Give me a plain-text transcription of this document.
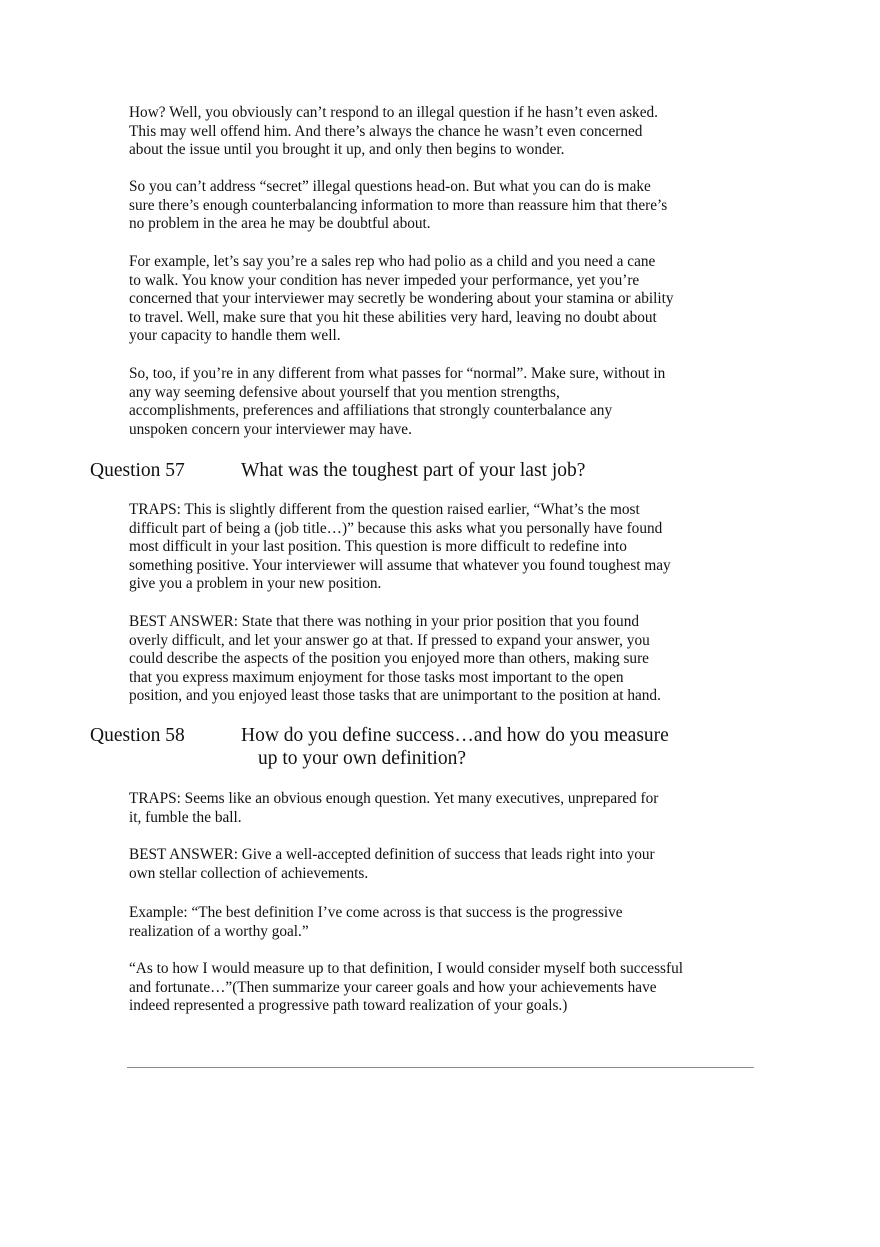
How? Well, you obviously can’t respond to an illegal question if he hasn’t even asked.
This may well offend him. And there’s always the chance he wasn’t even concerned
about the issue until you brought it up, and only then begins to wonder.

So you can’t address “secret” illegal questions head-on. But what you can do is make
sure there’s enough counterbalancing information to more than reassure him that there’s
no problem in the area he may be doubtful about.

For example, let’s say you’re a sales rep who had polio as a child and you need a cane
to walk. You know your condition has never impeded your performance, yet you’re
concerned that your interviewer may secretly be wondering about your stamina or ability
to travel. Well, make sure that you hit these abilities very hard, leaving no doubt about
your capacity to handle them well.

So, too, if you’re in any different from what passes for “normal”. Make sure, without in
any way seeming defensive about yourself that you mention strengths,
accomplishments, preferences and affiliations that strongly counterbalance any
unspoken concern your interviewer may have.

Question 57	What was the toughest part of your last job?

TRAPS: This is slightly different from the question raised earlier, “What’s the most
difficult part of being a (job title…)” because this asks what you personally have found
most difficult in your last position. This question is more difficult to redefine into
something positive. Your interviewer will assume that whatever you found toughest may
give you a problem in your new position.

BEST ANSWER: State that there was nothing in your prior position that you found
overly difficult, and let your answer go at that. If pressed to expand your answer, you
could describe the aspects of the position you enjoyed more than others, making sure
that you express maximum enjoyment for those tasks most important to the open
position, and you enjoyed least those tasks that are unimportant to the position at hand.

Question 58	How do you define success…and how do you measure
up to your own definition?

TRAPS: Seems like an obvious enough question. Yet many executives, unprepared for
it, fumble the ball.

BEST ANSWER: Give a well-accepted definition of success that leads right into your
own stellar collection of achievements.

Example: “The best definition I’ve come across is that success is the progressive
realization of a worthy goal.”

“As to how I would measure up to that definition, I would consider myself both successful
and fortunate…”(Then summarize your career goals and how your achievements have
indeed represented a progressive path toward realization of your goals.)
